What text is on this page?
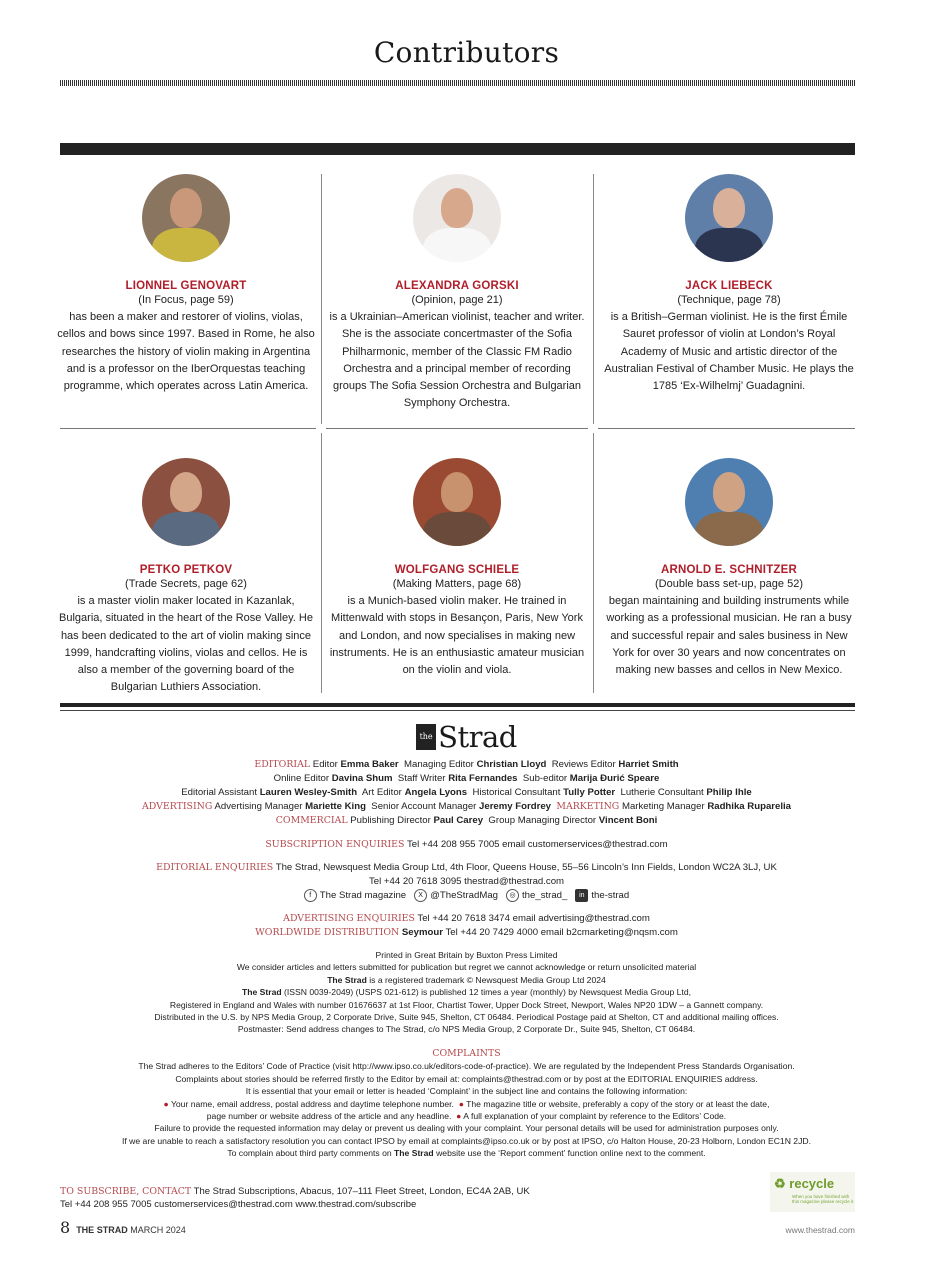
Contributors
LIONNEL GENOVART
(In Focus, page 59)
has been a maker and restorer of violins, violas, cellos and bows since 1997. Based in Rome, he also researches the history of violin making in Argentina and is a professor on the IberOrquestas teaching programme, which operates across Latin America.
ALEXANDRA GORSKI
(Opinion, page 21)
is a Ukrainian–American violinist, teacher and writer. She is the associate concertmaster of the Sofia Philharmonic, member of the Classic FM Radio Orchestra and a principal member of recording groups The Sofia Session Orchestra and Bulgarian Symphony Orchestra.
JACK LIEBECK
(Technique, page 78)
is a British–German violinist. He is the first Émile Sauret professor of violin at London’s Royal Academy of Music and artistic director of the Australian Festival of Chamber Music. He plays the 1785 ‘Ex-Wilhelmj’ Guadagnini.
PETKO PETKOV
(Trade Secrets, page 62)
is a master violin maker located in Kazanlak, Bulgaria, situated in the heart of the Rose Valley. He has been dedicated to the art of violin making since 1999, handcrafting violins, violas and cellos. He is also a member of the governing board of the Bulgarian Luthiers Association.
WOLFGANG SCHIELE
(Making Matters, page 68)
is a Munich-based violin maker. He trained in Mittenwald with stops in Besançon, Paris, New York and London, and now specialises in making new instruments. He is an enthusiastic amateur musician on the violin and viola.
ARNOLD E. SCHNITZER
(Double bass set-up, page 52)
began maintaining and building instruments while working as a professional musician. He ran a busy and successful repair and sales business in New York for over 30 years and now concentrates on making new basses and cellos in New Mexico.
the Strad
EDITORIAL Editor Emma Baker Managing Editor Christian Lloyd Reviews Editor Harriet Smith
Online Editor Davina Shum Staff Writer Rita Fernandes Sub-editor Marija Đurić Speare
Editorial Assistant Lauren Wesley-Smith Art Editor Angela Lyons Historical Consultant Tully Potter Lutherie Consultant Philip Ihle
ADVERTISING Advertising Manager Mariette King Senior Account Manager Jeremy Fordrey MARKETING Marketing Manager Radhika Ruparelia
COMMERCIAL Publishing Director Paul Carey Group Managing Director Vincent Boni
SUBSCRIPTION ENQUIRIES Tel +44 208 955 7005 email customerservices@thestrad.com
EDITORIAL ENQUIRIES The Strad, Newsquest Media Group Ltd, 4th Floor, Queens House, 55–56 Lincoln’s Inn Fields, London WC2A 3LJ, UK
Tel +44 20 7618 3095 thestrad@thestrad.com
f The Strad magazine X @TheStradMag ◎ the_strad_ in the-strad
ADVERTISING ENQUIRIES Tel +44 20 7618 3474 email advertising@thestrad.com
WORLDWIDE DISTRIBUTION Seymour Tel +44 20 7429 4000 email b2cmarketing@nqsm.com
Printed in Great Britain by Buxton Press Limited
We consider articles and letters submitted for publication but regret we cannot acknowledge or return unsolicited material
The Strad is a registered trademark © Newsquest Media Group Ltd 2024
The Strad (ISSN 0039-2049) (USPS 021-612) is published 12 times a year (monthly) by Newsquest Media Group Ltd,
Registered in England and Wales with number 01676637 at 1st Floor, Chartist Tower, Upper Dock Street, Newport, Wales NP20 1DW – a Gannett company.
Distributed in the U.S. by NPS Media Group, 2 Corporate Drive, Suite 945, Shelton, CT 06484. Periodical Postage paid at Shelton, CT and additional mailing offices.
Postmaster: Send address changes to The Strad, c/o NPS Media Group, 2 Corporate Dr., Suite 945, Shelton, CT 06484.
COMPLAINTS
The Strad adheres to the Editors’ Code of Practice (visit http://www.ipso.co.uk/editors-code-of-practice). We are regulated by the Independent Press Standards Organisation.
Complaints about stories should be referred firstly to the Editor by email at: complaints@thestrad.com or by post at the EDITORIAL ENQUIRIES address.
It is essential that your email or letter is headed ‘Complaint’ in the subject line and contains the following information:
● Your name, email address, postal address and daytime telephone number. ● The magazine title or website, preferably a copy of the story or at least the date,
page number or website address of the article and any headline. ● A full explanation of your complaint by reference to the Editors’ Code.
Failure to provide the requested information may delay or prevent us dealing with your complaint. Your personal details will be used for administration purposes only.
If we are unable to reach a satisfactory resolution you can contact IPSO by email at complaints@ipso.co.uk or by post at IPSO, c/o Halton House, 20-23 Holborn, London EC1N 2JD.
To complain about third party comments on The Strad website use the ‘Report comment’ function online next to the comment.
TO SUBSCRIBE, CONTACT The Strad Subscriptions, Abacus, 107–111 Fleet Street, London, EC4A 2AB, UK
Tel +44 208 955 7005 customerservices@thestrad.com www.thestrad.com/subscribe
♻ recycle
When you have finished with this magazine please recycle it
8 THE STRAD MARCH 2024	www.thestrad.com
